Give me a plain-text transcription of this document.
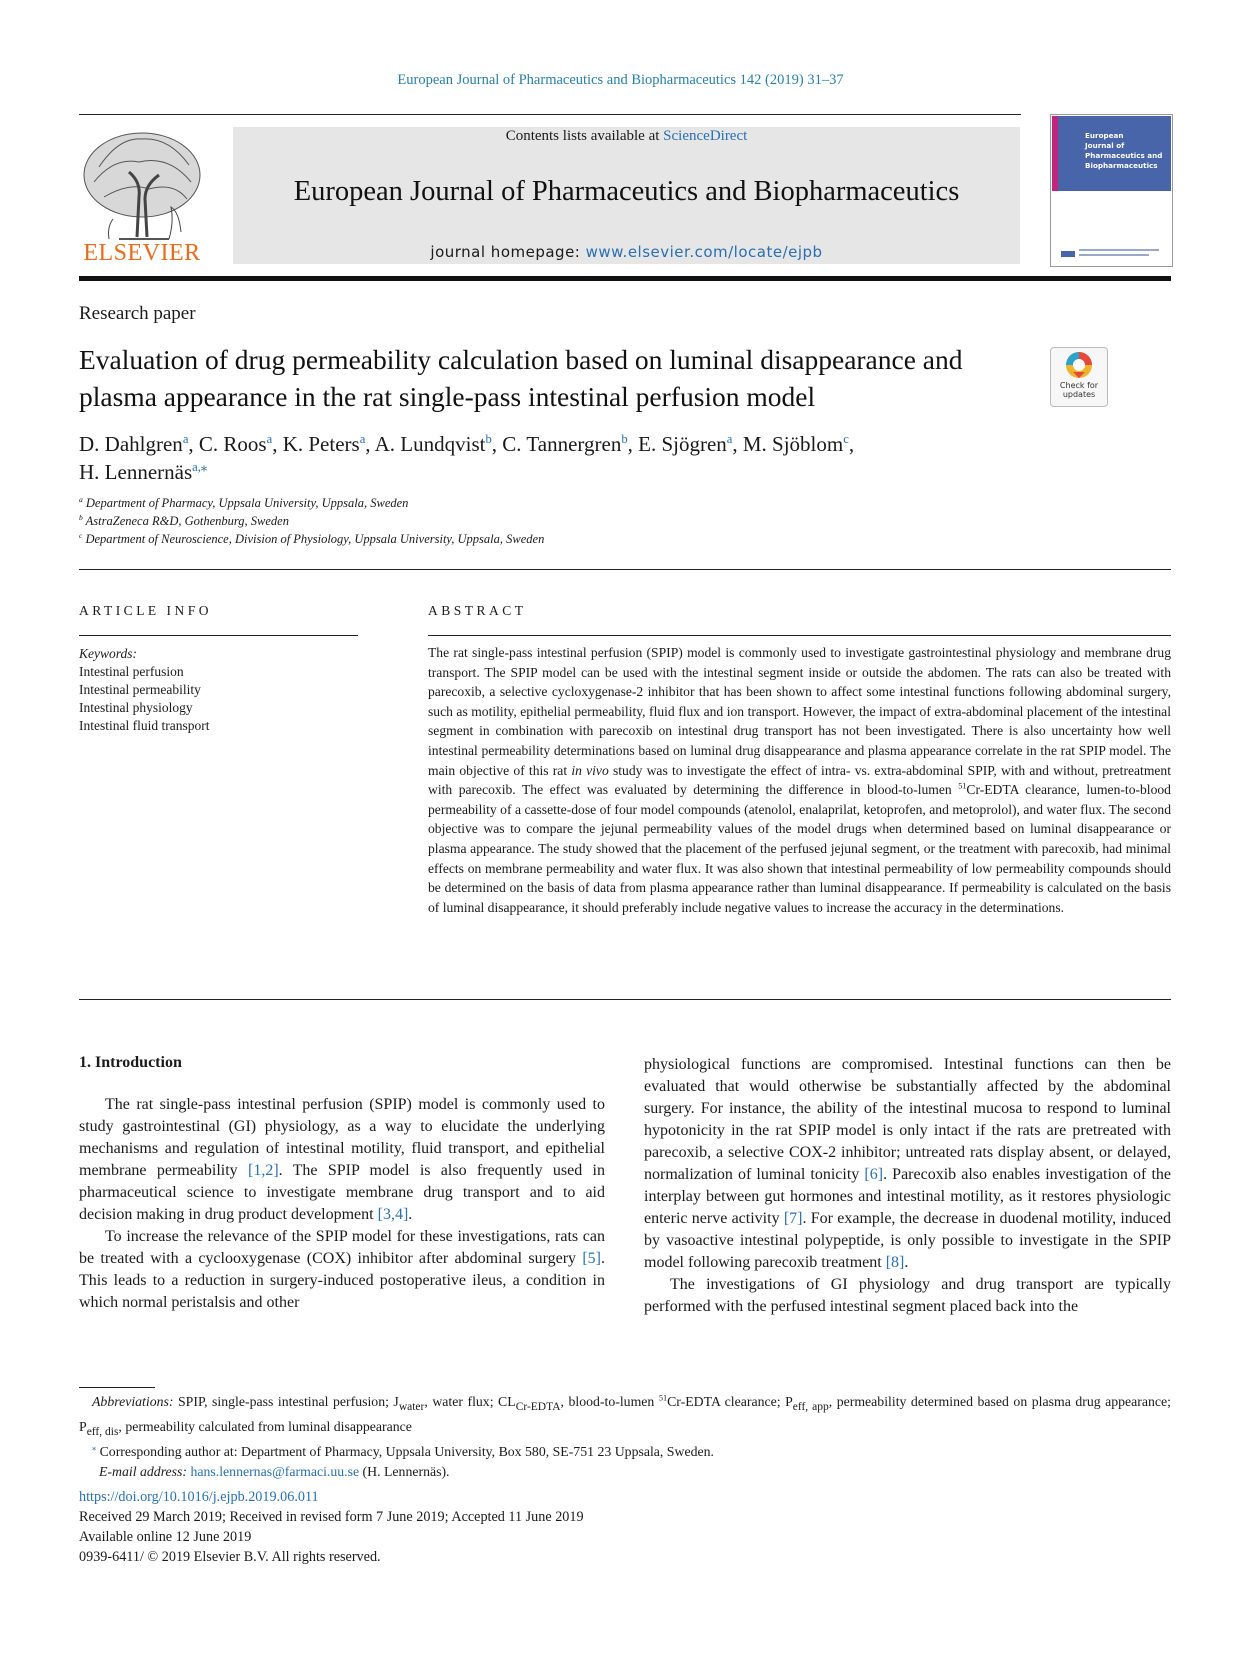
European Journal of Pharmaceutics and Biopharmaceutics 142 (2019) 31–37
ELSEVIER
Contents lists available at ScienceDirect
European Journal of Pharmaceutics and Biopharmaceutics
journal homepage: www.elsevier.com/locate/ejpb
European
Journal of
Pharmaceutics and
Biopharmaceutics
Research paper
Evaluation of drug permeability calculation based on luminal disappearance and plasma appearance in the rat single-pass intestinal perfusion model	Check for updates
D. Dahlgren$^a$, C. Roos$^a$, K. Peters$^a$, A. Lundqvist$^b$, C. Tannergren$^b$, E. Sjögren$^a$, M. Sjöblom$^c$,
H. Lennernäs$^{a,⁎}$
$^a$ Department of Pharmacy, Uppsala University, Uppsala, Sweden
$^b$ AstraZeneca R&D, Gothenburg, Sweden
$^c$ Department of Neuroscience, Division of Physiology, Uppsala University, Uppsala, Sweden
ARTICLE INFO	ABSTRACT
Keywords:
Intestinal perfusion
Intestinal permeability
Intestinal physiology
Intestinal fluid transport
The rat single-pass intestinal perfusion (SPIP) model is commonly used to investigate gastrointestinal physiology and membrane drug transport. The SPIP model can be used with the intestinal segment inside or outside the abdomen. The rats can also be treated with parecoxib, a selective cycloxygenase-2 inhibitor that has been shown to affect some intestinal functions following abdominal surgery, such as motility, epithelial permeability, fluid flux and ion transport. However, the impact of extra-abdominal placement of the intestinal segment in combination with parecoxib on intestinal drug transport has not been investigated. There is also uncertainty how well intestinal permeability determinations based on luminal drug disappearance and plasma appearance correlate in the rat SPIP model. The main objective of this rat in vivo study was to investigate the effect of intra- vs. extra-abdominal SPIP, with and without, pretreatment with parecoxib. The effect was evaluated by determining the difference in blood-to-lumen $^{51}$Cr-EDTA clearance, lumen-to-blood permeability of a cassette-dose of four model compounds (atenolol, enalaprilat, ketoprofen, and metoprolol), and water flux. The second objective was to compare the jejunal permeability values of the model drugs when determined based on luminal disappearance or plasma appearance. The study showed that the placement of the perfused jejunal segment, or the treatment with parecoxib, had minimal effects on membrane permeability and water flux. It was also shown that intestinal permeability of low permeability compounds should be determined on the basis of data from plasma appearance rather than luminal disappearance. If permeability is calculated on the basis of luminal disappearance, it should preferably include negative values to increase the accuracy in the determinations.
1. Introduction

The rat single-pass intestinal perfusion (SPIP) model is commonly used to study gastrointestinal (GI) physiology, as a way to elucidate the underlying mechanisms and regulation of intestinal motility, fluid transport, and epithelial membrane permeability [1,2]. The SPIP model is also frequently used in pharmaceutical science to investigate membrane drug transport and to aid decision making in drug product development [3,4].

To increase the relevance of the SPIP model for these investigations, rats can be treated with a cyclooxygenase (COX) inhibitor after abdominal surgery [5]. This leads to a reduction in surgery-induced postoperative ileus, a condition in which normal peristalsis and other

physiological functions are compromised. Intestinal functions can then be evaluated that would otherwise be substantially affected by the abdominal surgery. For instance, the ability of the intestinal mucosa to respond to luminal hypotonicity in the rat SPIP model is only intact if the rats are pretreated with parecoxib, a selective COX-2 inhibitor; untreated rats display absent, or delayed, normalization of luminal tonicity [6]. Parecoxib also enables investigation of the interplay between gut hormones and intestinal motility, as it restores physiologic enteric nerve activity [7]. For example, the decrease in duodenal motility, induced by vasoactive intestinal polypeptide, is only possible to investigate in the SPIP model following parecoxib treatment [8].

The investigations of GI physiology and drug transport are typically performed with the perfused intestinal segment placed back into the

Abbreviations: SPIP, single-pass intestinal perfusion; $J_{water}$, water flux; $CL_{Cr-EDTA}$, blood-to-lumen $^{51}$Cr-EDTA clearance; $P_{eff, app}$, permeability determined based on plasma drug appearance; $P_{eff, dis}$, permeability calculated from luminal disappearance

⁎ Corresponding author at: Department of Pharmacy, Uppsala University, Box 580, SE-751 23 Uppsala, Sweden.

E-mail address: hans.lennernas@farmaci.uu.se (H. Lennernäs).

https://doi.org/10.1016/j.ejpb.2019.06.011

Received 29 March 2019; Received in revised form 7 June 2019; Accepted 11 June 2019

Available online 12 June 2019

0939-6411/ © 2019 Elsevier B.V. All rights reserved.
